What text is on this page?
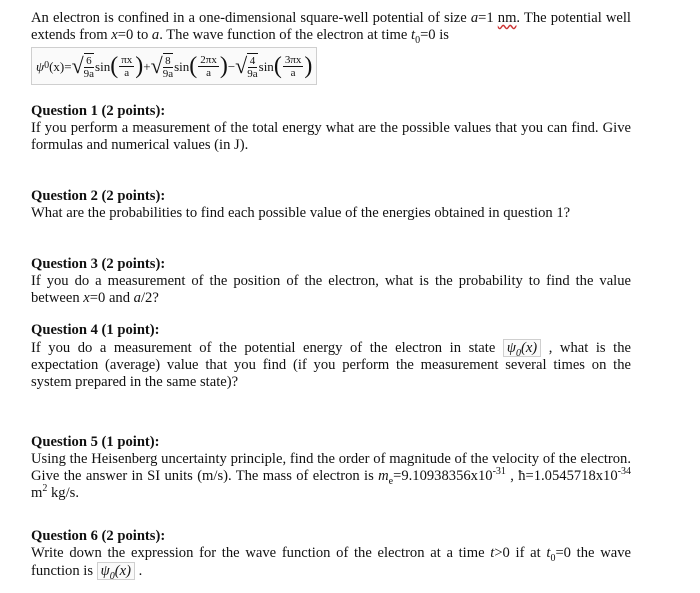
An electron is confined in a one-dimensional square-well potential of size a=1 nm. The potential well extends from x=0 to a. The wave function of the electron at time $t_0=0$ is

ψ 0 (x)= √ $\frac{6}{9a}$ sin ( $\frac{\pi x}{a}$ ) + √ $\frac{8}{9a}$ sin ( $\frac{2\pi x}{a}$ ) − √ $\frac{4}{9a}$ sin ( $\frac{3\pi x}{a}$ )

Question 1 (2 points):

If you perform a measurement of the total energy what are the possible values that you can find. Give formulas and numerical values (in J).

Question 2 (2 points):

What are the probabilities to find each possible value of the energies obtained in question 1?

Question 3 (2 points):

If you do a measurement of the position of the electron, what is the probability to find the value between x=0 and a/2?

Question 4 (1 point):

If you do a measurement of the potential energy of the electron in state $\psi_0(x)$ , what is the expectation (average) value that you find (if you perform the measurement several times on the system prepared in the same state)?

Question 5 (1 point):

Using the Heisenberg uncertainty principle, find the order of magnitude of the velocity of the electron. Give the answer in SI units (m/s). The mass of electron is $m_e=9.10938356x10^{-31}$ , $ħ=1.0545718x10^{-34}$ $m^2$ kg/s.

Question 6 (2 points):

Write down the expression for the wave function of the electron at a time t>0 if at $t_0=0$ the wave function is $\psi_0(x)$ .
